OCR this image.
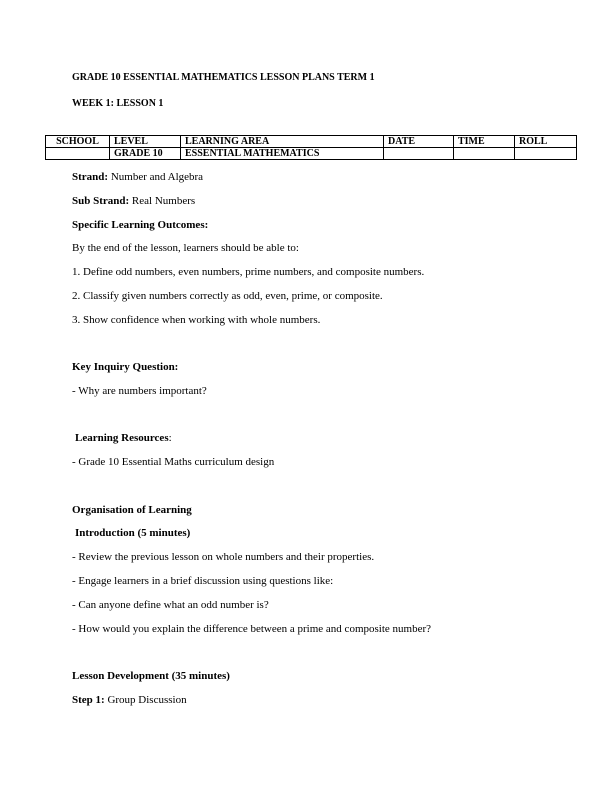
GRADE 10 ESSENTIAL MATHEMATICS LESSON PLANS TERM 1
WEEK 1: LESSON 1
SCHOOL	LEVEL	LEARNING AREA	DATE	TIME	ROLL
	GRADE 10	ESSENTIAL MATHEMATICS			
Strand: Number and Algebra
Sub Strand: Real Numbers
Specific Learning Outcomes:
By the end of the lesson, learners should be able to:
1. Define odd numbers, even numbers, prime numbers, and composite numbers.
2. Classify given numbers correctly as odd, even, prime, or composite.
3. Show confidence when working with whole numbers.
Key Inquiry Question:
- Why are numbers important?
Learning Resources:
- Grade 10 Essential Maths curriculum design
Organisation of Learning
Introduction (5 minutes)
- Review the previous lesson on whole numbers and their properties.
- Engage learners in a brief discussion using questions like:
- Can anyone define what an odd number is?
- How would you explain the difference between a prime and composite number?
Lesson Development (35 minutes)
Step 1: Group Discussion
